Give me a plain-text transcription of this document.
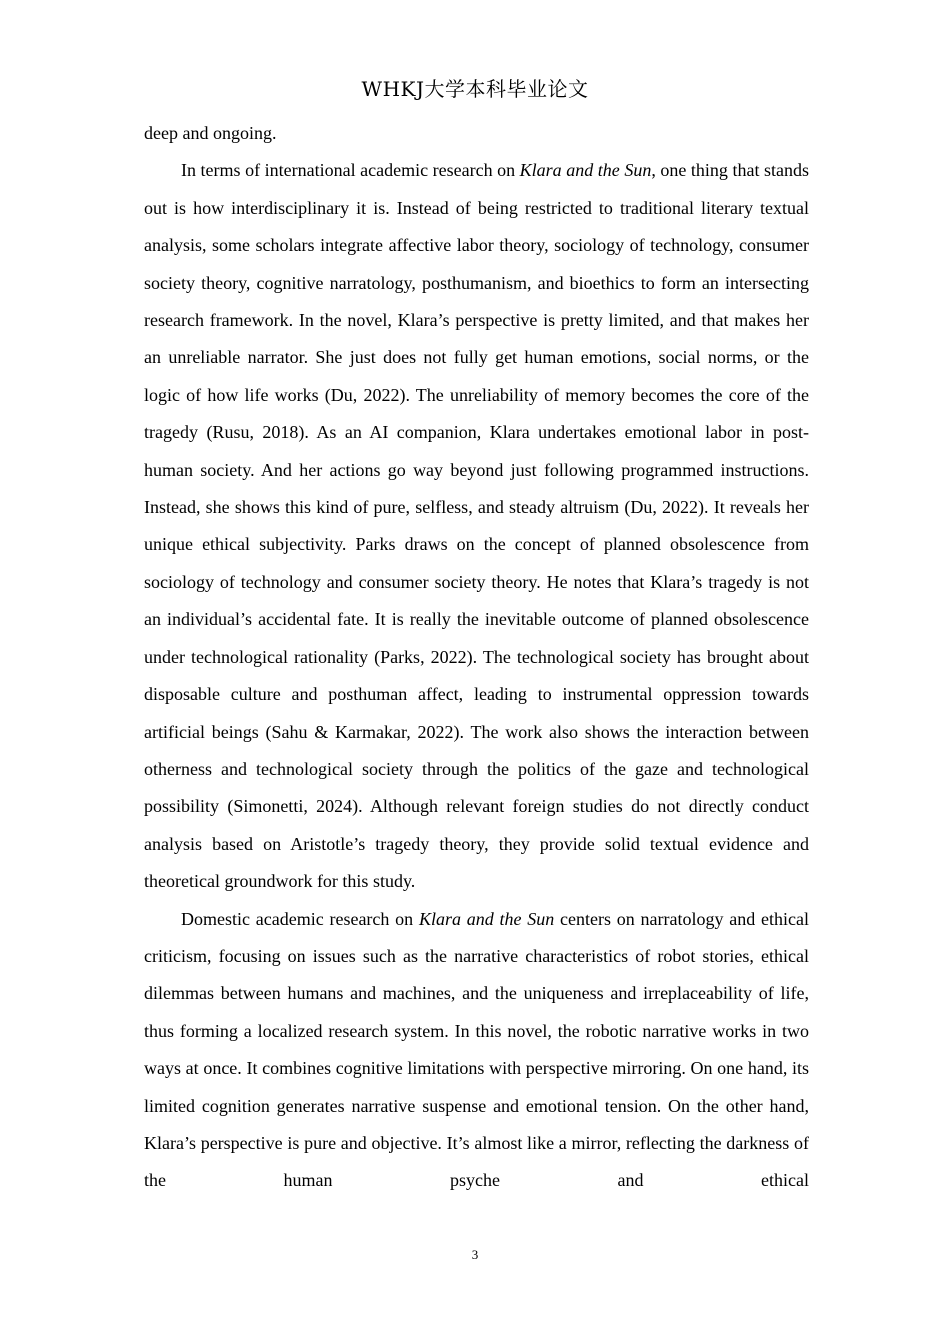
WHKJ大学本科毕业论文

deep and ongoing.

In terms of international academic research on Klara and the Sun, one thing that stands out is how interdisciplinary it is. Instead of being restricted to traditional literary textual analysis, some scholars integrate affective labor theory, sociology of technology, consumer society theory, cognitive narratology, posthumanism, and bioethics to form an intersecting research framework. In the novel, Klara’s perspective is pretty limited, and that makes her an unreliable narrator. She just does not fully get human emotions, social norms, or the logic of how life works (Du, 2022). The unreliability of memory becomes the core of the tragedy (Rusu, 2018). As an AI companion, Klara undertakes emotional labor in post-human society. And her actions go way beyond just following programmed instructions. Instead, she shows this kind of pure, selfless, and steady altruism (Du, 2022). It reveals her unique ethical subjectivity. Parks draws on the concept of planned obsolescence from sociology of technology and consumer society theory. He notes that Klara’s tragedy is not an individual’s accidental fate. It is really the inevitable outcome of planned obsolescence under technological rationality (Parks, 2022). The technological society has brought about disposable culture and posthuman affect, leading to instrumental oppression towards artificial beings (Sahu & Karmakar, 2022). The work also shows the interaction between otherness and technological society through the politics of the gaze and technological possibility (Simonetti, 2024). Although relevant foreign studies do not directly conduct analysis based on Aristotle’s tragedy theory, they provide solid textual evidence and theoretical groundwork for this study.

Domestic academic research on Klara and the Sun centers on narratology and ethical criticism, focusing on issues such as the narrative characteristics of robot stories, ethical dilemmas between humans and machines, and the uniqueness and irreplaceability of life, thus forming a localized research system. In this novel, the robotic narrative works in two ways at once. It combines cognitive limitations with perspective mirroring. On one hand, its limited cognition generates narrative suspense and emotional tension. On the other hand, Klara’s perspective is pure and objective. It’s almost like a mirror, reflecting the darkness of the human psyche and ethical

3
